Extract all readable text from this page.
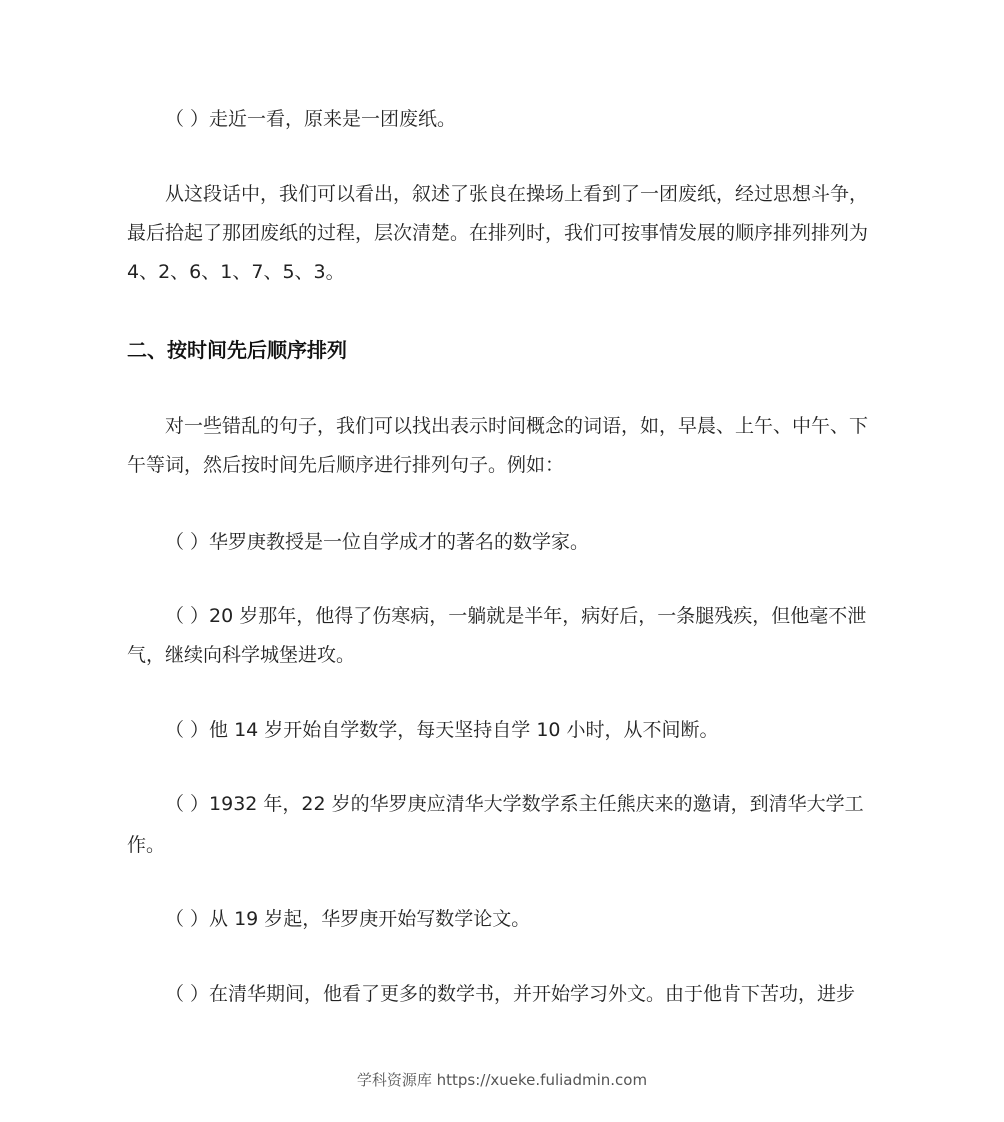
（ ）走近一看，原来是一团废纸。
从这段话中，我们可以看出，叙述了张良在操场上看到了一团废纸，经过思想斗争，
最后拾起了那团废纸的过程，层次清楚。在排列时，我们可按事情发展的顺序排列排列为
4、2、6、1、7、5、3。
二、按时间先后顺序排列
对一些错乱的句子，我们可以找出表示时间概念的词语，如，早晨、上午、中午、下
午等词，然后按时间先后顺序进行排列句子。例如：
（ ）华罗庚教授是一位自学成才的著名的数学家。
（ ）20 岁那年，他得了伤寒病，一躺就是半年，病好后，一条腿残疾，但他毫不泄
气，继续向科学城堡进攻。
（ ）他 14 岁开始自学数学，每天坚持自学 10 小时，从不间断。
（ ）1932 年，22 岁的华罗庚应清华大学数学系主任熊庆来的邀请，到清华大学工
作。
（ ）从 19 岁起，华罗庚开始写数学论文。
（ ）在清华期间，他看了更多的数学书，并开始学习外文。由于他肯下苦功，进步
学科资源库 https://xueke.fuliadmin.com
